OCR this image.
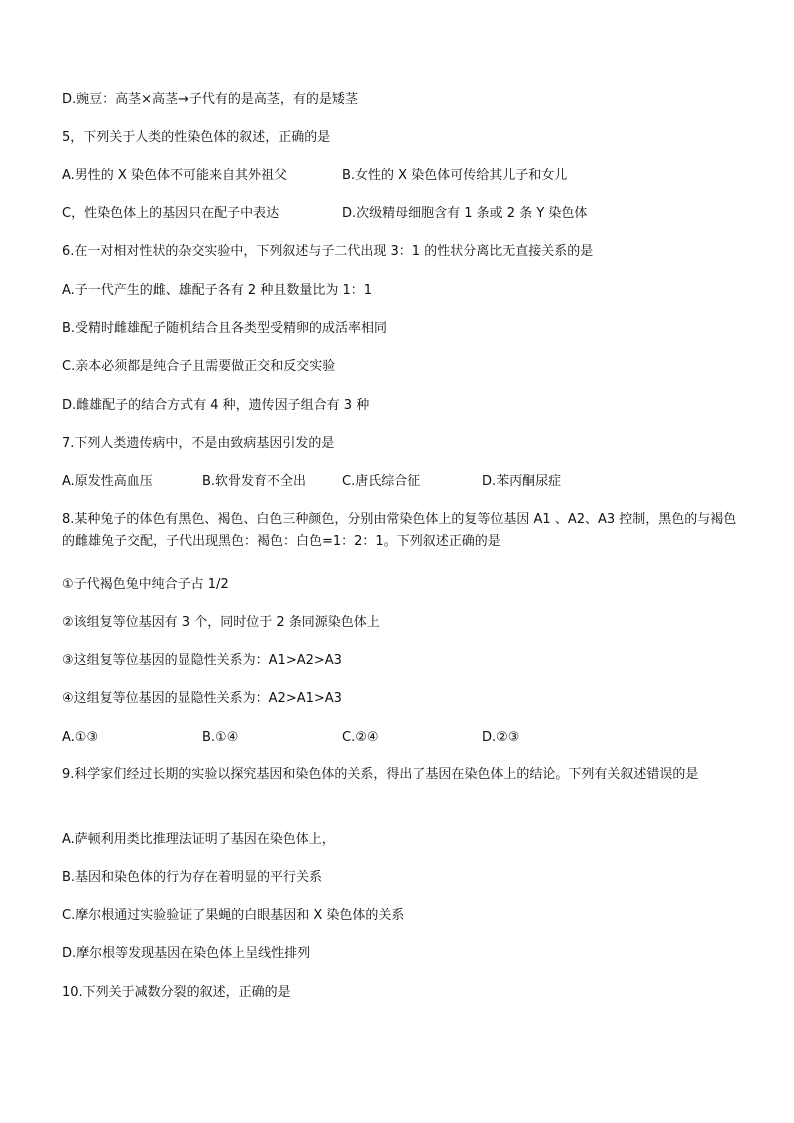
D.豌豆：高茎×高茎→子代有的是高茎，有的是矮茎
5，下列关于人类的性染色体的叙述，正确的是
A.男性的 X 染色体不可能来自其外祖父	B.女性的 X 染色体可传给其儿子和女儿
C，性染色体上的基因只在配子中表达	D.次级精母细胞含有 1 条或 2 条 Y 染色体
6.在一对相对性状的杂交实验中，下列叙述与子二代出现 3：1 的性状分离比无直接关系的是
A.子一代产生的雌、雄配子各有 2 种且数量比为 1：1
B.受精时雌雄配子随机结合且各类型受精卵的成活率相同
C.亲本必须都是纯合子且需要做正交和反交实验
D.雌雄配子的结合方式有 4 种，遗传因子组合有 3 种
7.下列人类遗传病中，不是由致病基因引发的是
A.原发性高血压	B.软骨发育不全出	C.唐氏综合征	D.苯丙酮尿症
8.某种兔子的体色有黑色、褐色、白色三种颜色，分别由常染色体上的复等位基因 A1 、A2、A3 控制，黑色的与褐色的雌雄兔子交配，子代出现黑色：褐色：白色=1：2：1。下列叙述正确的是
①子代褐色兔中纯合子占 1/2
②该组复等位基因有 3 个，同时位于 2 条同源染色体上
③这组复等位基因的显隐性关系为：A1>A2>A3
④这组复等位基因的显隐性关系为：A2>A1>A3
A.①③	B.①④	C.②④	D.②③
9.科学家们经过长期的实验以探究基因和染色体的关系，得出了基因在染色体上的结论。下列有关叙述错误的是
A.萨顿利用类比推理法证明了基因在染色体上，
B.基因和染色体的行为存在着明显的平行关系
C.摩尔根通过实验验证了果蝇的白眼基因和 X 染色体的关系
D.摩尔根等发现基因在染色体上呈线性排列
10.下列关于减数分裂的叙述，正确的是
